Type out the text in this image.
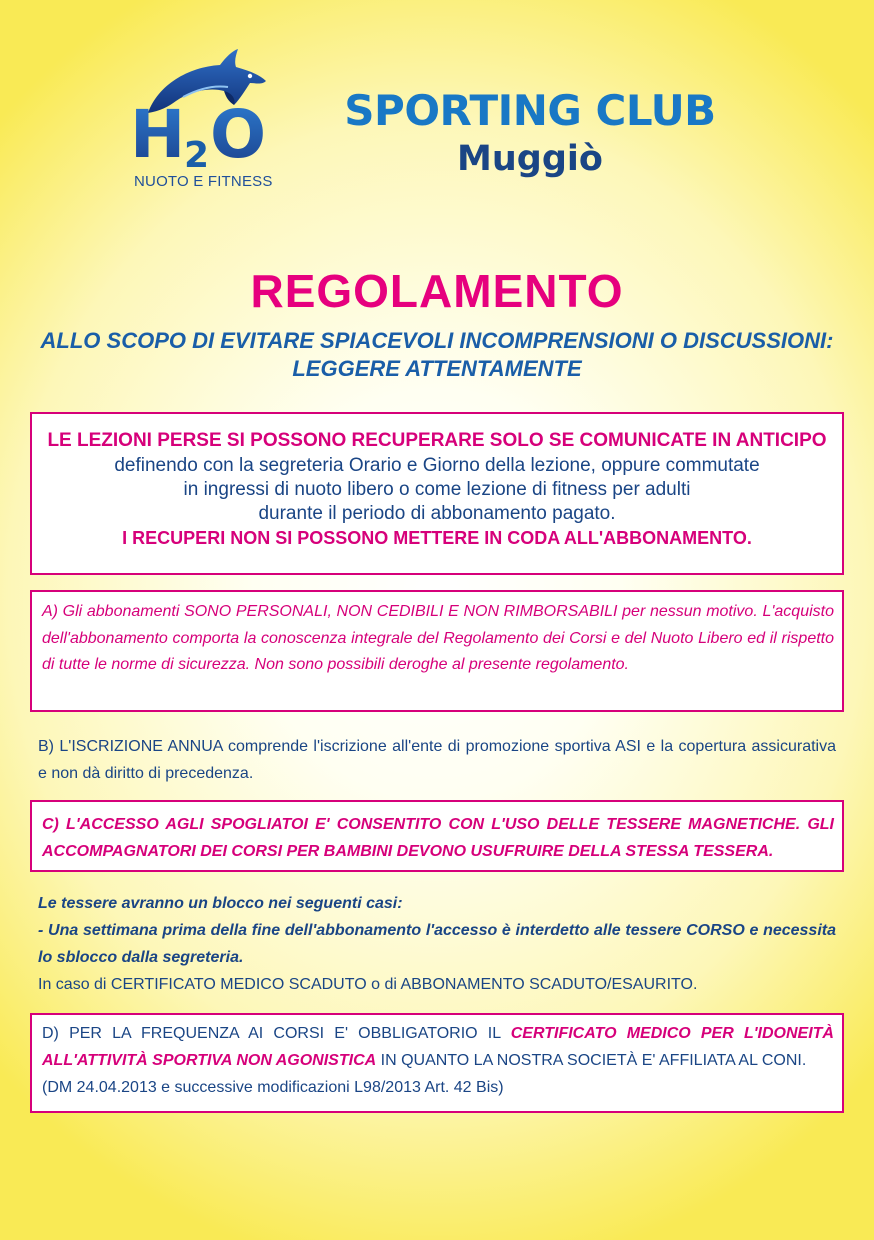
H
2 O
NUOTO E FITNESS
SPORTING CLUB
Muggiò
REGOLAMENTO
ALLO SCOPO DI EVITARE SPIACEVOLI INCOMPRENSIONI O DISCUSSIONI:
LEGGERE ATTENTAMENTE
LE LEZIONI PERSE SI POSSONO RECUPERARE SOLO SE COMUNICATE IN ANTICIPO
definendo con la segreteria Orario e Giorno della lezione, oppure commutate
in ingressi di nuoto libero o come lezione di fitness per adulti
durante il periodo di abbonamento pagato.
I RECUPERI NON SI POSSONO METTERE IN CODA ALL'ABBONAMENTO.

A) Gli abbonamenti SONO PERSONALI, NON CEDIBILI E NON RIMBORSABILI per nessun motivo. L'acquisto dell'abbonamento comporta la conoscenza integrale del Regolamento dei Corsi e del Nuoto Libero ed il rispetto di tutte le norme di sicurezza. Non sono possibili deroghe al presente regolamento.

B) L'ISCRIZIONE ANNUA comprende l'iscrizione all'ente di promozione sportiva ASI e la copertura assicurativa e non dà diritto di precedenza.

C) L'ACCESSO AGLI SPOGLIATOI E' CONSENTITO CON L'USO DELLE TESSERE MAGNETICHE. GLI ACCOMPAGNATORI DEI CORSI PER BAMBINI DEVONO USUFRUIRE DELLA STESSA TESSERA.

Le tessere avranno un blocco nei seguenti casi:

- Una settimana prima della fine dell'abbonamento l'accesso è interdetto alle tessere CORSO e necessita lo sblocco dalla segreteria.

In caso di CERTIFICATO MEDICO SCADUTO o di ABBONAMENTO SCADUTO/ESAURITO.

D) PER LA FREQUENZA AI CORSI E' OBBLIGATORIO IL CERTIFICATO MEDICO PER L'IDONEITÀ ALL'ATTIVITÀ SPORTIVA NON AGONISTICA IN QUANTO LA NOSTRA SOCIETÀ E' AFFILIATA AL CONI.

(DM 24.04.2013 e successive modificazioni L98/2013 Art. 42 Bis)
